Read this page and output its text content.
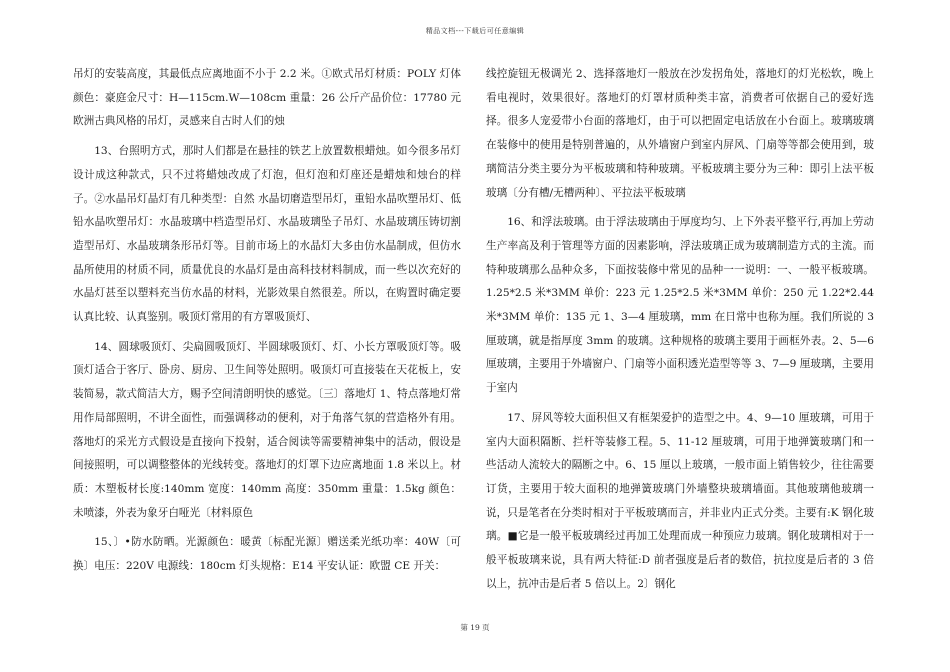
精品文档---下载后可任意编辑

吊灯的安装高度，其最低点应离地面不小于 2.2 米。①欧式吊灯材质：POLY 灯体颜色：豪庭金尺寸：H—115cm.W—108cm 重量：26 公斤产品价位：17780 元欧洲古典风格的吊灯，灵感来自古时人们的烛

13、台照明方式，那时人们都是在悬挂的铁艺上放置数根蜡烛。如今很多吊灯设计成这种款式，只不过将蜡烛改成了灯泡，但灯泡和灯座还是蜡烛和烛台的样子。②水晶吊灯晶灯有几种类型：自然 水晶切磨造型吊灯，重铅水晶吹塑吊灯、低铅水晶吹塑吊灯：水晶玻璃中档造型吊灯、水晶玻璃坠子吊灯、水晶玻璃压铸切割造型吊灯、水晶玻璃条形吊灯等。目前市场上的水晶灯大多由仿水晶制成，但仿水晶所使用的材质不同，质量优良的水晶灯是由高科技材料制成，而一些以次充好的水晶灯甚至以塑料充当仿水晶的材料，光影效果自然很差。所以，在购置时确定要认真比较、认真鉴别。吸顶灯常用的有方罩吸顶灯、

14、圆球吸顶灯、尖扁圆吸顶灯、半圆球吸顶灯、灯、小长方罩吸顶灯等。吸顶灯适合于客厅、卧房、厨房、卫生间等处照明。吸顶灯可直接装在天花板上，安装简易，款式简洁大方，赐予空间清朗明快的感觉。〔三〕落地灯 1、特点落地灯常用作局部照明，不讲全面性，而强调移动的便利，对于角落气氛的营造格外有用。落地灯的采光方式假设是直接向下投射，适合阅读等需要精神集中的活动，假设是间接照明，可以调整整体的光线转变。落地灯的灯罩下边应离地面 1.8 米以上。材质：木塑板材长度:140mm 宽度：140mm 高度：350mm 重量：1.5kg 颜色：未喷漆，外表为象牙白哑光〔材料原色

15、〕•防水防晒。光源颜色：暖黄〔标配光源〕赠送柔光纸功率：40W〔可换〕电压：220V 电源线：180cm 灯头规格：E14 平安认证：欧盟 CE 开关：

线控旋钮无极调光 2、选择落地灯一般放在沙发拐角处，落地灯的灯光松软，晚上看电视时，效果很好。落地灯的灯罩材质种类丰富，消费者可依据自己的爱好选择。很多人宠爱带小台面的落地灯，由于可以把固定电话放在小台面上。玻璃玻璃在装修中的使用是特别普遍的，从外墙窗户到室内屏风、门扇等等都会使用到，玻璃简洁分类主要分为平板玻璃和特种玻璃。平板玻璃主要分为三种：即引上法平板玻璃〔分有槽/无槽两种〕、平拉法平板玻璃

16、和浮法玻璃。由于浮法玻璃由于厚度均匀、上下外表平整平行,再加上劳动生产率高及利于管理等方面的因素影响，浮法玻璃正成为玻璃制造方式的主流。而特种玻璃那么品种众多，下面按装修中常见的品种一一说明：一、一般平板玻璃。1.25*2.5 米*3MM 单价：223 元 1.25*2.5 米*3MM 单价：250 元 1.22*2.44 米*3MM 单价：135 元 1、3—4 厘玻璃，mm 在日常中也称为厘。我们所说的 3 厘玻璃，就是指厚度 3mm 的玻璃。这种规格的玻璃主要用于画框外表。2、5—6 厘玻璃，主要用于外墙窗户、门扇等小面积透光造型等等 3、7—9 厘玻璃，主要用于室内

17、屏风等较大面积但又有框架爱护的造型之中。4、9—10 厘玻璃，可用于室内大面积隔断、拦杆等装修工程。5、11-12 厘玻璃，可用于地弹簧玻璃门和一些活动人流较大的隔断之中。6、15 厘以上玻璃，一般市面上销售较少，往往需要订货，主要用于较大面积的地弹簧玻璃门外墙整块玻璃墙面。其他玻璃他玻璃一说，只是笔者在分类时相对于平板玻璃而言，并非业内正式分类。主要有:K 钢化玻璃。■它是一般平板玻璃经过再加工处理而成一种预应力玻璃。钢化玻璃相对于一般平板玻璃来说，具有两大特征:D 前者强度是后者的数倍，抗拉度是后者的 3 倍以上，抗冲击是后者 5 倍以上。2〕钢化

第 19 页
